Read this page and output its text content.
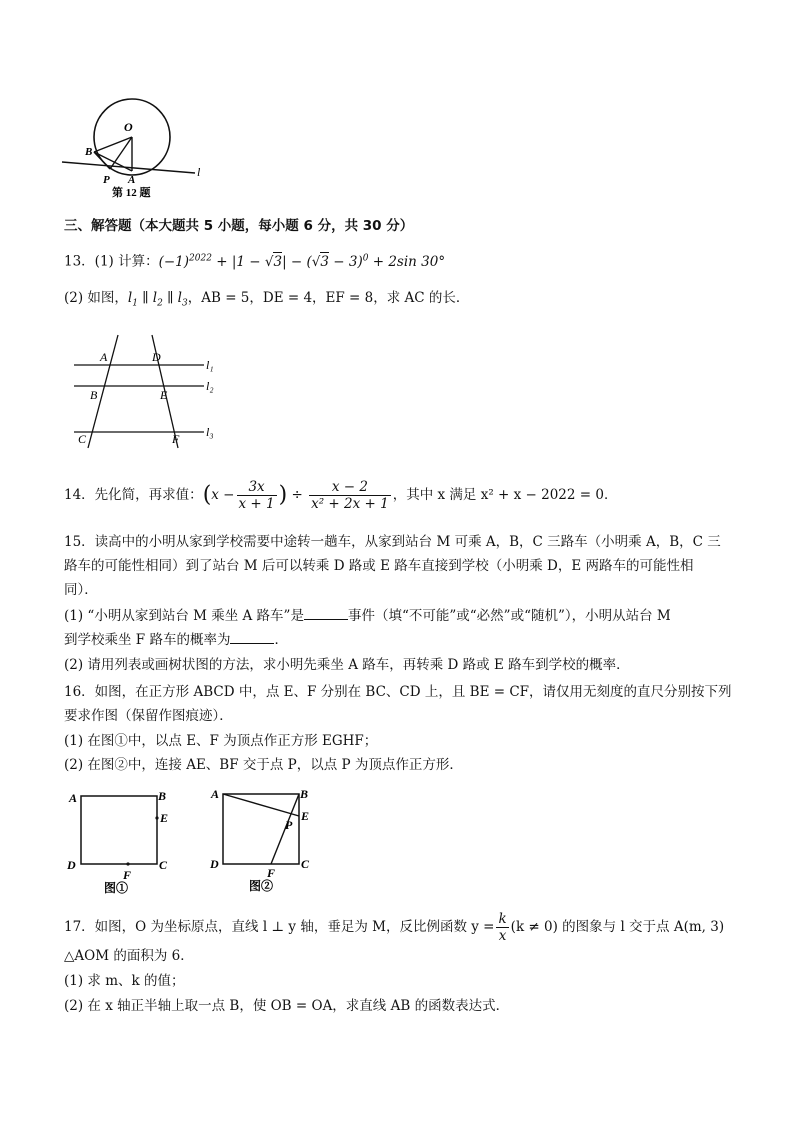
O
B
P A
l
第 12 题
三、解答题（本大题共 5 小题，每小题 6 分，共 30 分）
13．(1) 计算：$(-1)^{2022} + |1 - √3| - (√3 - 3)^0 + 2\sin$ 30°
(2) 如图，$l_1$ ∥ $l_2$ ∥ $l_3$，AB = 5，DE = 4，EF = 8，求 AC 的长．
A	D
B	E
C	F
l₁
l₂
l₃
14．先化简，再求值：($x - \frac{3x}{x + 1}$ ) ÷ $\frac{x - 2}{\text{x² + 2x + 1}}$ ，其中 x 满足 x² + x − 2022 = 0．
15．读高中的小明从家到学校需要中途转一趟车，从家到站台 M 可乘 A，B，C 三路车（小明乘 A，B，C 三
路车的可能性相同）到了站台 M 后可以转乘 D 路或 E 路车直接到学校（小明乘 D，E 两路车的可能性相
同）．
(1) “小明从家到站台 M 乘坐 A 路车”是	事件（填“不可能”或“必然”或“随机”），小明从站台 M
到学校乘坐 F 路车的概率为	．
(2) 请用列表或画树状图的方法，求小明先乘坐 A 路车，再转乘 D 路或 E 路车到学校的概率．
16．如图，在正方形 ABCD 中，点 E、F 分别在 BC、CD 上，且 BE = CF，请仅用无刻度的直尺分别按下列
要求作图（保留作图痕迹）．
(1) 在图①中，以点 E、F 为顶点作正方形 EGHF；
(2) 在图②中，连接 AE、BF 交于点 P，以点 P 为顶点作正方形．
A	B
E
D	C
F
图①
A	B
E
P
D	C
F
图②
17．如图，O 为坐标原点，直线 l ⊥ y 轴，垂足为 M，反比例函数 $y = \frac{k}{x} (k \ne 0)$ 的图象与 l 交于点 A(m, 3)
△AOM 的面积为 6．
(1) 求 m、k 的值；
(2) 在 x 轴正半轴上取一点 B，使 OB = OA，求直线 AB 的函数表达式．
